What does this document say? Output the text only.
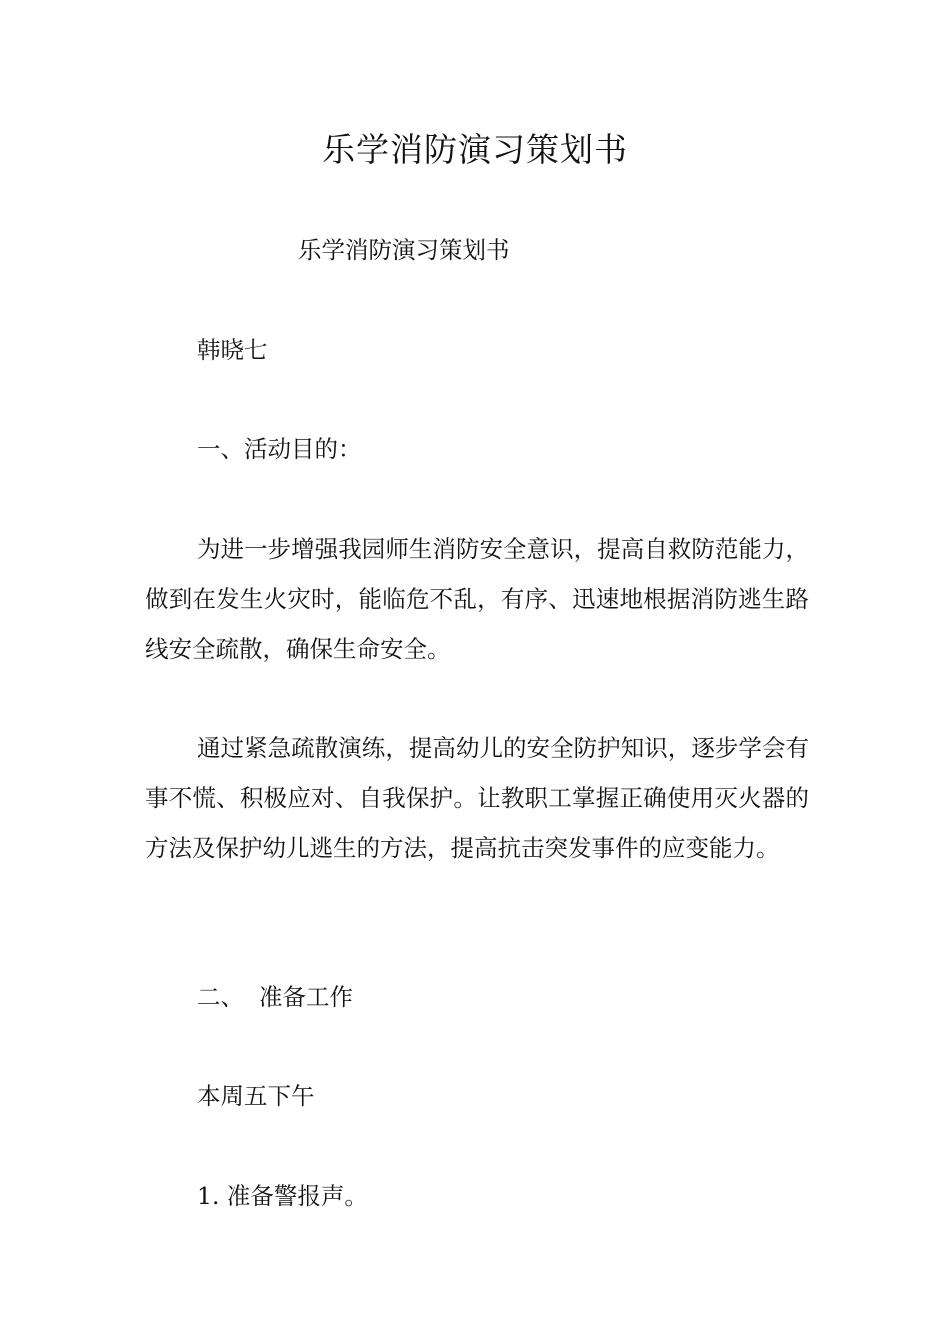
乐学消防演习策划书
乐学消防演习策划书
韩晓七
一、活动目的：

为进一步增强我园师生消防安全意识，提高自救防范能力，做到在发生火灾时，能临危不乱，有序、迅速地根据消防逃生路线安全疏散，确保生命安全。

通过紧急疏散演练，提高幼儿的安全防护知识，逐步学会有事不慌、积极应对、自我保护。让教职工掌握正确使用灭火器的方法及保护幼儿逃生的方法，提高抗击突发事件的应变能力。

二、  准备工作
本周五下午
1. 准备警报声。
